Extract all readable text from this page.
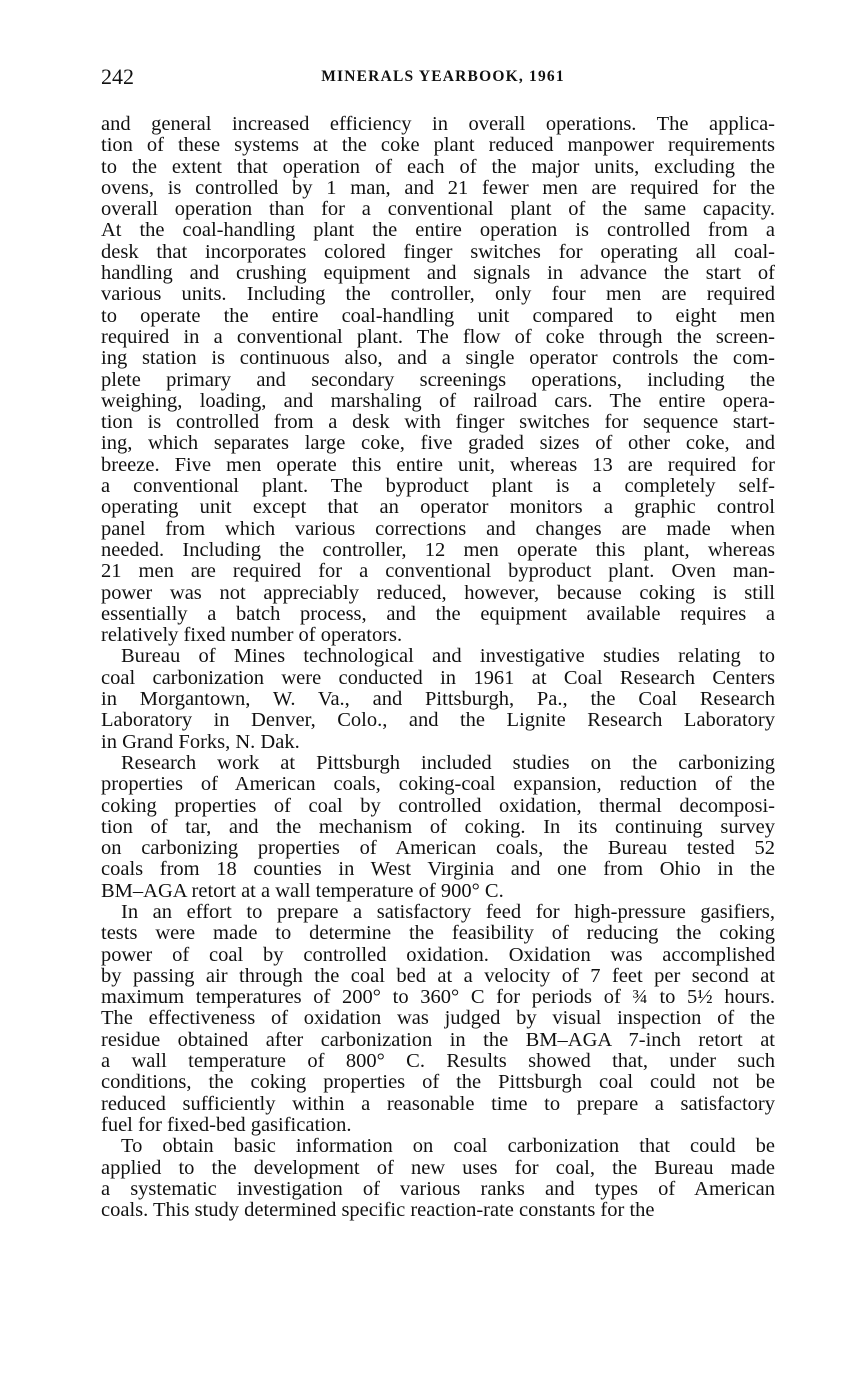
242	MINERALS YEARBOOK, 1961
and general increased efficiency in overall operations. The applica-
tion of these systems at the coke plant reduced manpower requirements
to the extent that operation of each of the major units, excluding the
ovens, is controlled by 1 man, and 21 fewer men are required for the
overall operation than for a conventional plant of the same capacity.
At the coal-handling plant the entire operation is controlled from a
desk that incorporates colored finger switches for operating all coal-
handling and crushing equipment and signals in advance the start of
various units. Including the controller, only four men are required
to operate the entire coal-handling unit compared to eight men
required in a conventional plant. The flow of coke through the screen-
ing station is continuous also, and a single operator controls the com-
plete primary and secondary screenings operations, including the
weighing, loading, and marshaling of railroad cars. The entire opera-
tion is controlled from a desk with finger switches for sequence start-
ing, which separates large coke, five graded sizes of other coke, and
breeze. Five men operate this entire unit, whereas 13 are required for
a conventional plant. The byproduct plant is a completely self-
operating unit except that an operator monitors a graphic control
panel from which various corrections and changes are made when
needed. Including the controller, 12 men operate this plant, whereas
21 men are required for a conventional byproduct plant. Oven man-
power was not appreciably reduced, however, because coking is still
essentially a batch process, and the equipment available requires a
relatively fixed number of operators.
Bureau of Mines technological and investigative studies relating to
coal carbonization were conducted in 1961 at Coal Research Centers
in Morgantown, W. Va., and Pittsburgh, Pa., the Coal Research
Laboratory in Denver, Colo., and the Lignite Research Laboratory
in Grand Forks, N. Dak.
Research work at Pittsburgh included studies on the carbonizing
properties of American coals, coking-coal expansion, reduction of the
coking properties of coal by controlled oxidation, thermal decomposi-
tion of tar, and the mechanism of coking. In its continuing survey
on carbonizing properties of American coals, the Bureau tested 52
coals from 18 counties in West Virginia and one from Ohio in the
BM–AGA retort at a wall temperature of 900° C.
In an effort to prepare a satisfactory feed for high-pressure gasifiers,
tests were made to determine the feasibility of reducing the coking
power of coal by controlled oxidation. Oxidation was accomplished
by passing air through the coal bed at a velocity of 7 feet per second at
maximum temperatures of 200° to 360° C for periods of ¾ to 5½ hours.
The effectiveness of oxidation was judged by visual inspection of the
residue obtained after carbonization in the BM–AGA 7-inch retort at
a wall temperature of 800° C. Results showed that, under such
conditions, the coking properties of the Pittsburgh coal could not be
reduced sufficiently within a reasonable time to prepare a satisfactory
fuel for fixed-bed gasification.
To obtain basic information on coal carbonization that could be
applied to the development of new uses for coal, the Bureau made
a systematic investigation of various ranks and types of American
coals. This study determined specific reaction-rate constants for the
